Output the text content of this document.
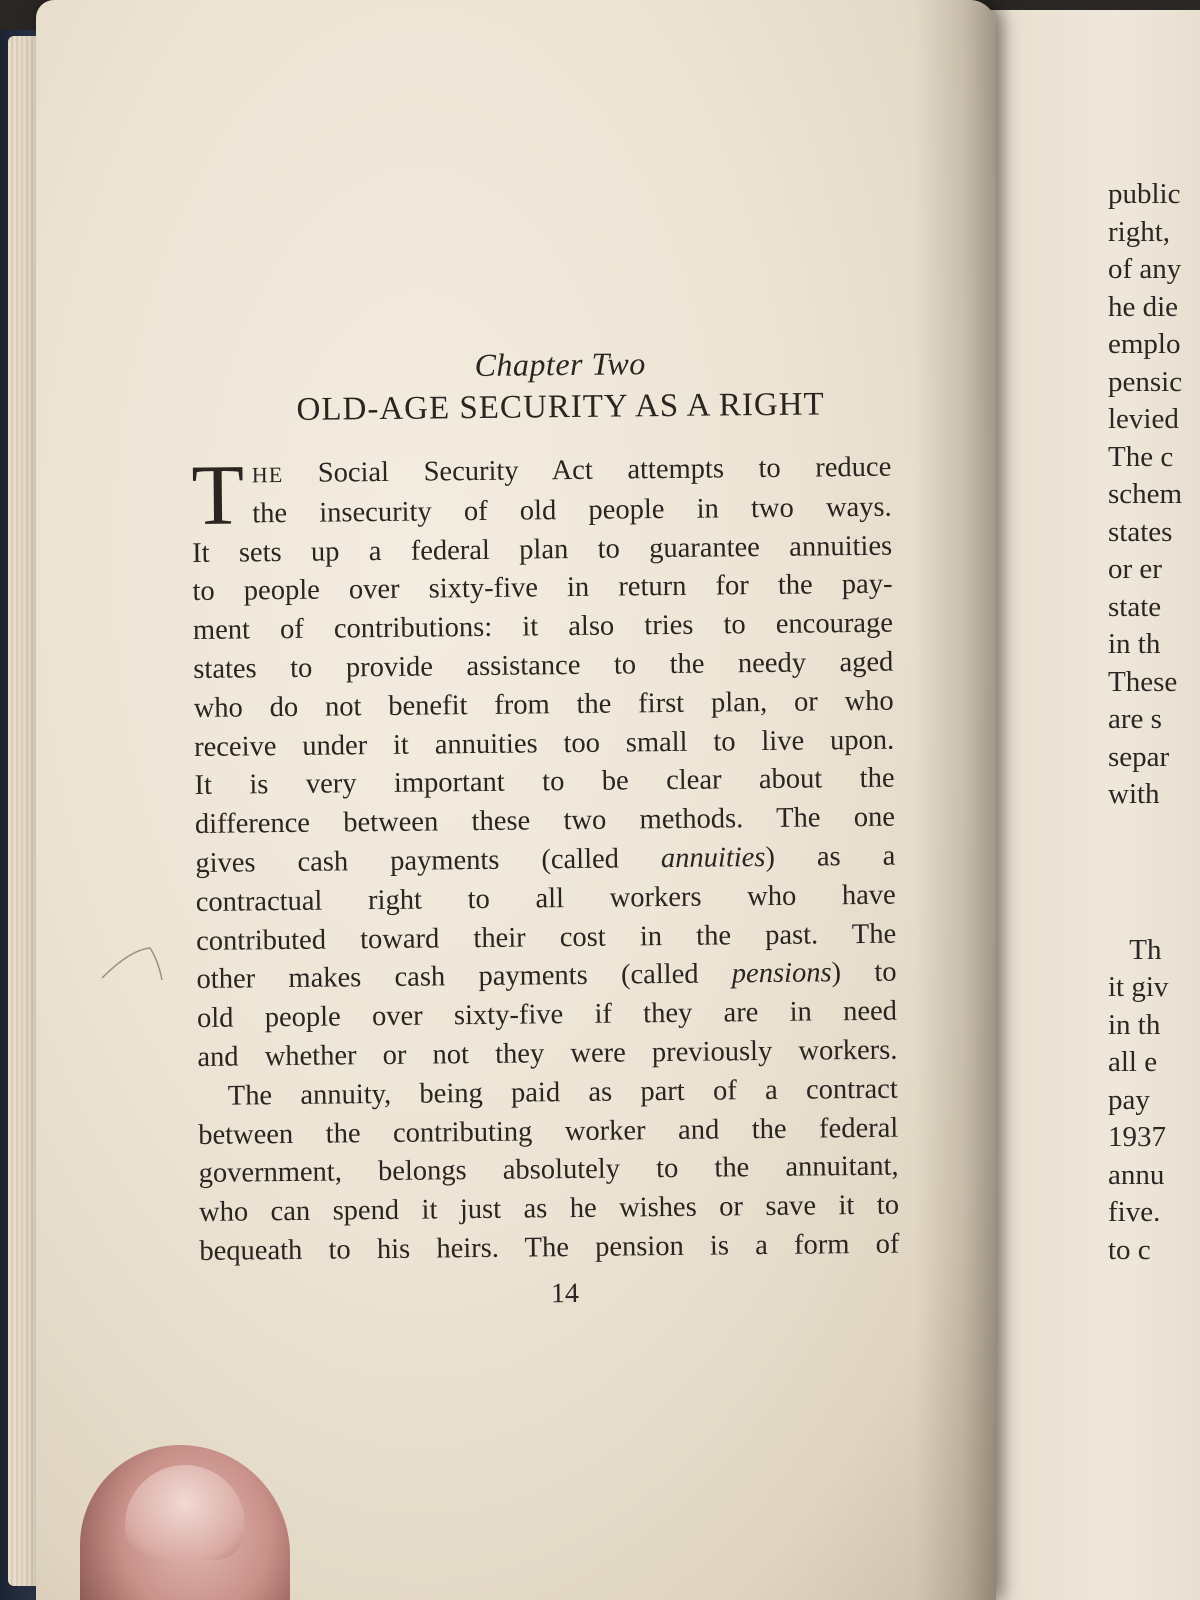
public
right,
of any
he die
emplo
pensic
levied
The c
schem
states
or er
state
in th
These
are s
separ
with
Th
it giv
in th
all e
pay
1937
annu
five.
to c
Chapter Two
OLD-AGE SECURITY AS A RIGHT
T HE Social Security Act attempts to reduce
the insecurity of old people in two ways.
It sets up a federal plan to guarantee annuities
to people over sixty-five in return for the pay-
ment of contributions: it also tries to encourage
states to provide assistance to the needy aged
who do not benefit from the first plan, or who
receive under it annuities too small to live upon.
It is very important to be clear about the
difference between these two methods. The one
gives cash payments (called annuities) as a
contractual right to all workers who have
contributed toward their cost in the past. The
other makes cash payments (called pensions) to
old people over sixty-five if they are in need
and whether or not they were previously workers.
The annuity, being paid as part of a contract
between the contributing worker and the federal
government, belongs absolutely to the annuitant,
who can spend it just as he wishes or save it to
bequeath to his heirs. The pension is a form of
14
